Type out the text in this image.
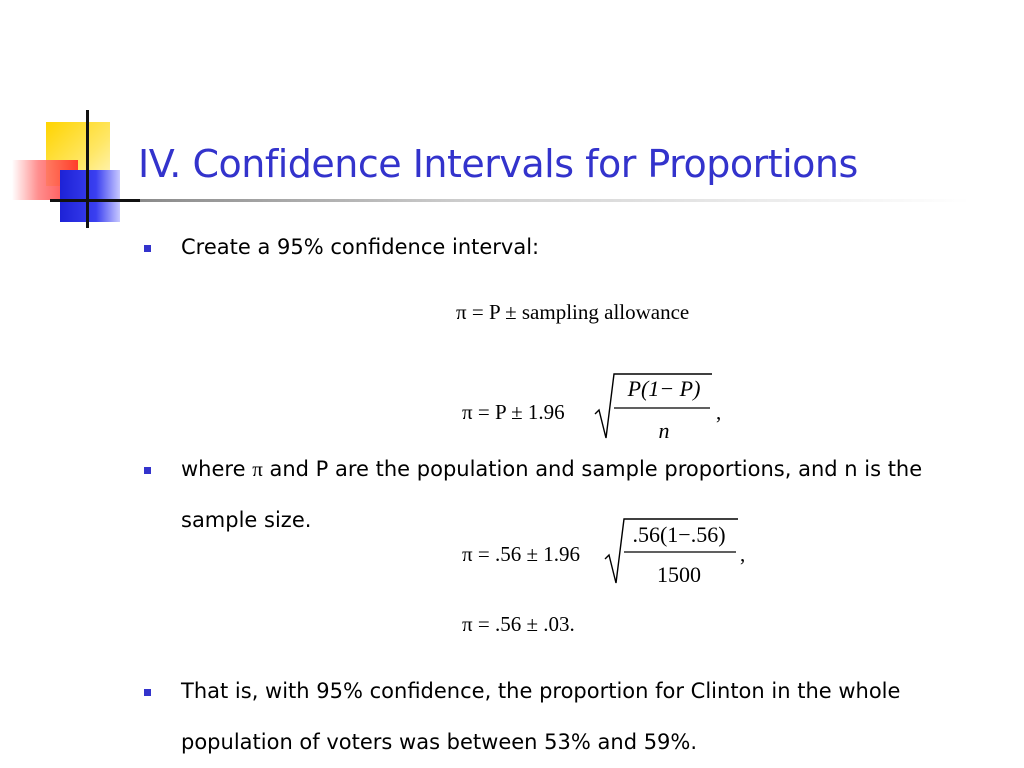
IV. Confidence Intervals for Proportions
Create a 95% confidence interval:
π = P ± sampling allowance
π = P ± 1.96
P(1− P)
n
,
where π and P are the population and sample proportions, and n is the
sample size.
π = .56 ± 1.96
.56(1−.56)
1500
,
π = .56 ± .03.
That is, with 95% confidence, the proportion for Clinton in the whole
population of voters was between 53% and 59%.
